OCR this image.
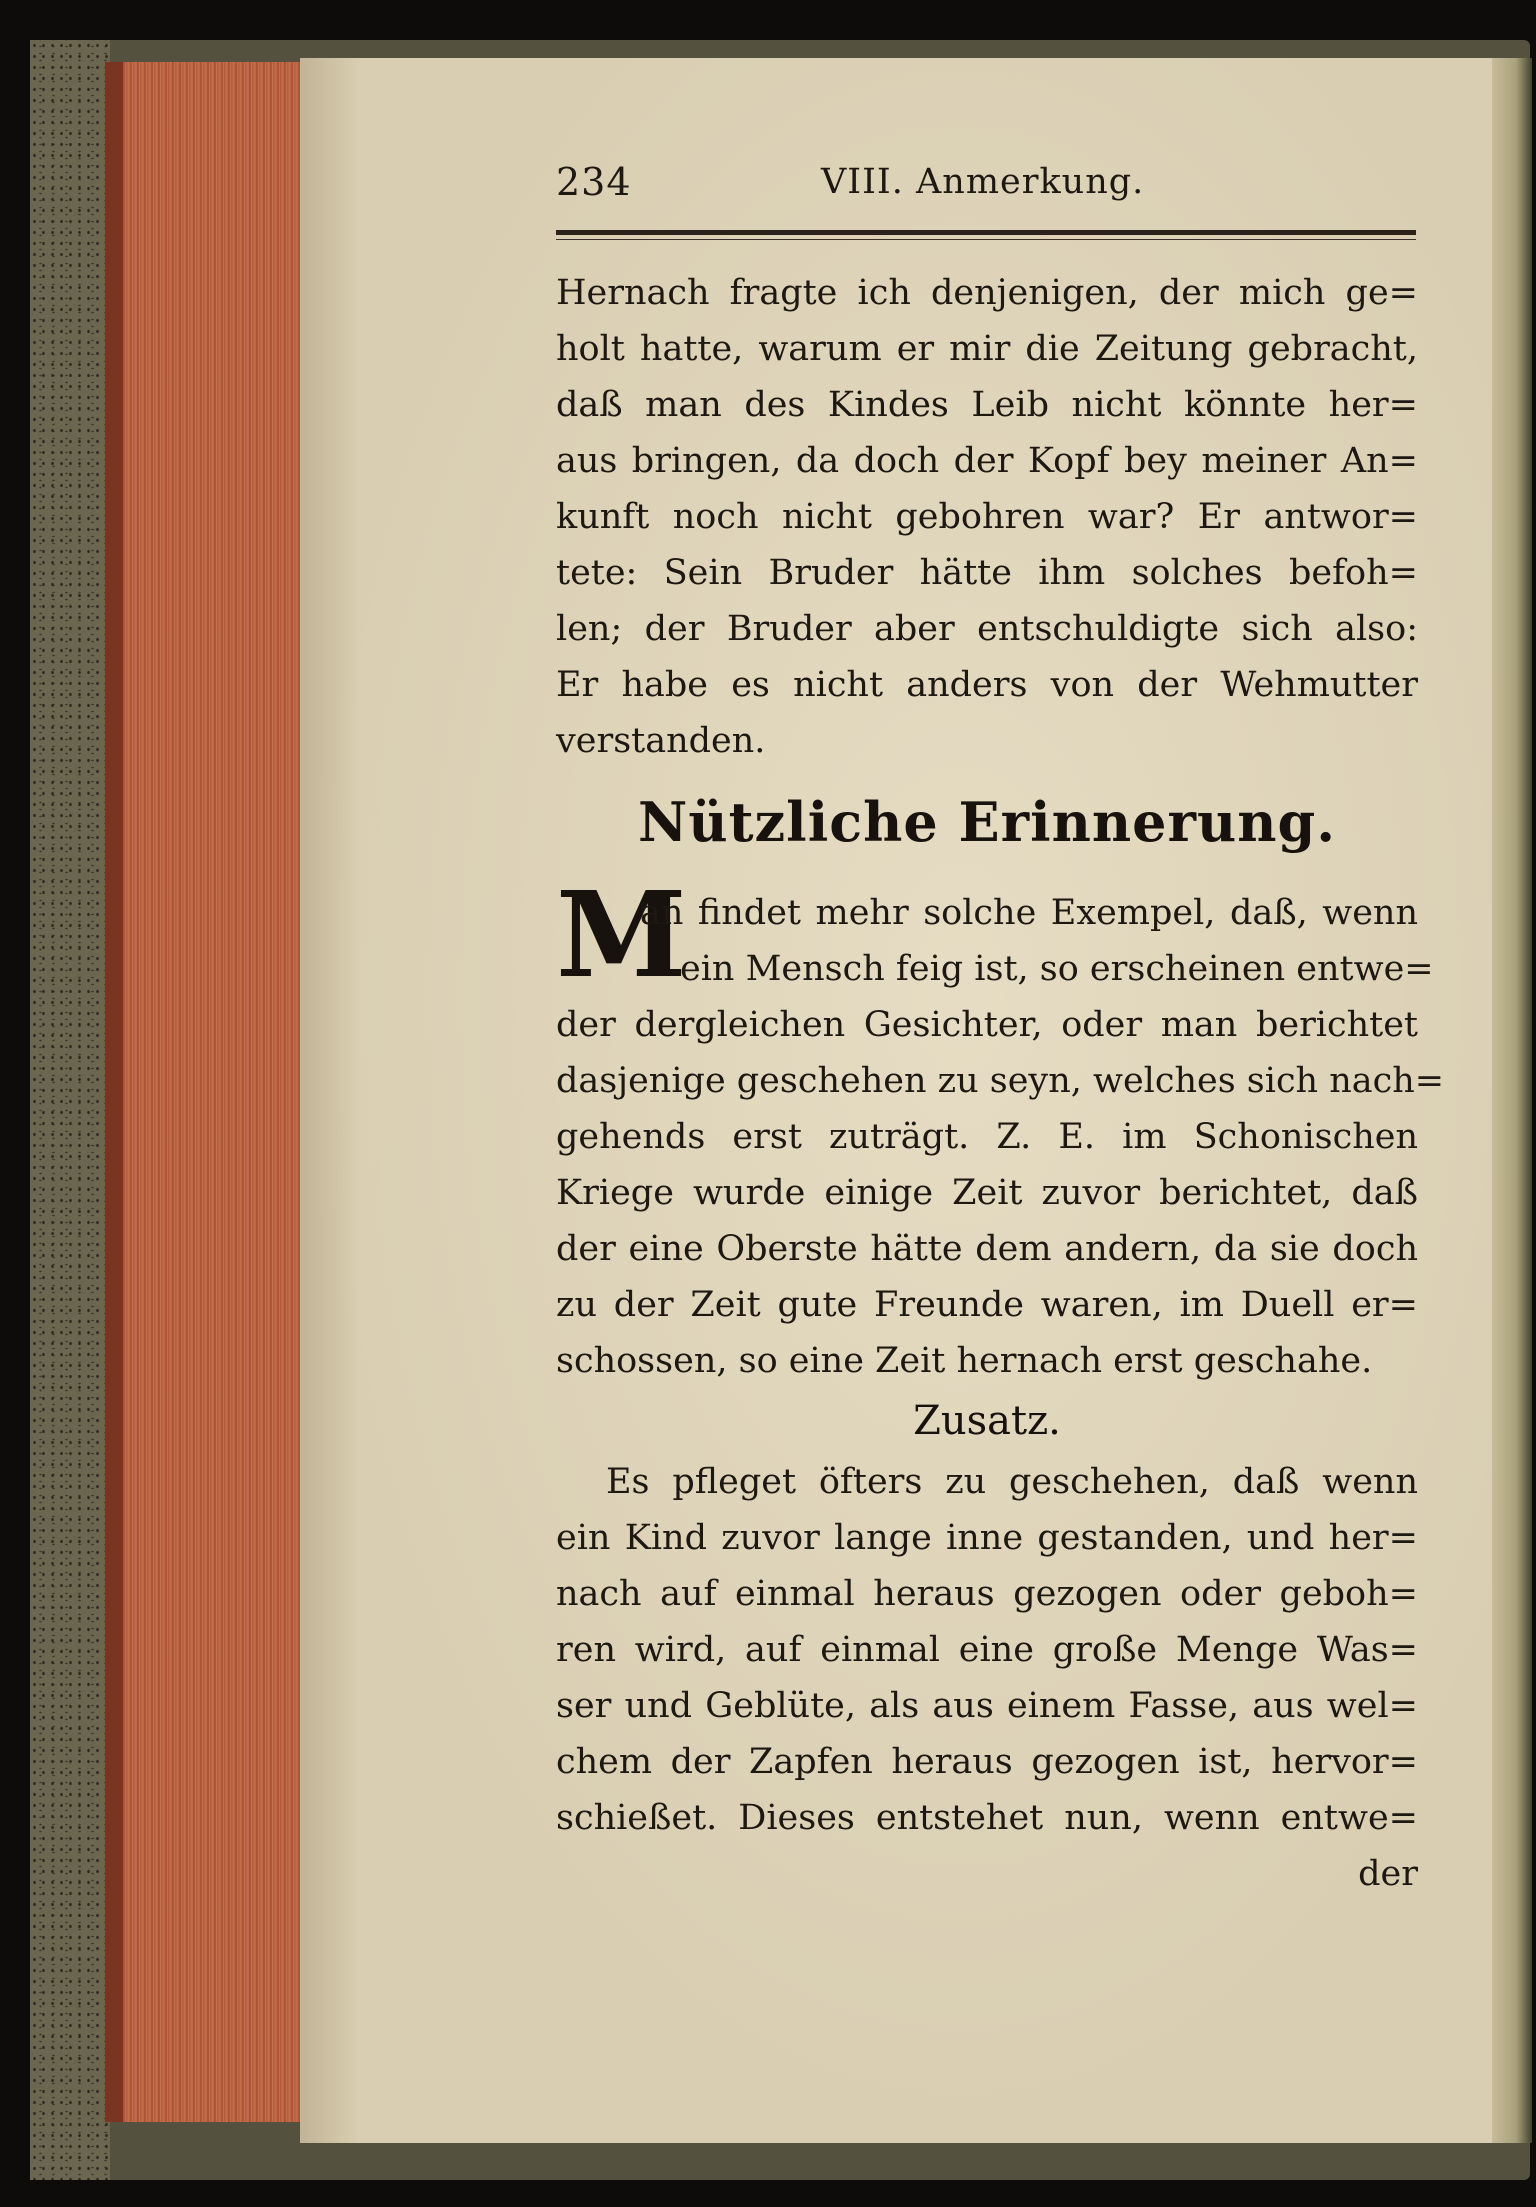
234	VIII. Anmerkung.
Hernach fragte ich denjenigen, der mich ge=
holt hatte, warum er mir die Zeitung gebracht,
daß man des Kindes Leib nicht könnte her=
aus bringen, da doch der Kopf bey meiner An=
kunft noch nicht gebohren war? Er antwor=
tete: Sein Bruder hätte ihm solches befoh=
len; der Bruder aber entschuldigte sich also:
Er habe es nicht anders von der Wehmutter
verstanden.
Nützliche Erinnerung.
M
an findet mehr solche Exempel, daß, wenn
ein Mensch feig ist, so erscheinen entwe=
der dergleichen Gesichter, oder man berichtet
dasjenige geschehen zu seyn, welches sich nach=
gehends erst zuträgt. Z. E. im Schonischen
Kriege wurde einige Zeit zuvor berichtet, daß
der eine Oberste hätte dem andern, da sie doch
zu der Zeit gute Freunde waren, im Duell er=
schossen, so eine Zeit hernach erst geschahe.
Zusatz.
Es pfleget öfters zu geschehen, daß wenn
ein Kind zuvor lange inne gestanden, und her=
nach auf einmal heraus gezogen oder geboh=
ren wird, auf einmal eine große Menge Was=
ser und Geblüte, als aus einem Fasse, aus wel=
chem der Zapfen heraus gezogen ist, hervor=
schießet. Dieses entstehet nun, wenn entwe=
der
